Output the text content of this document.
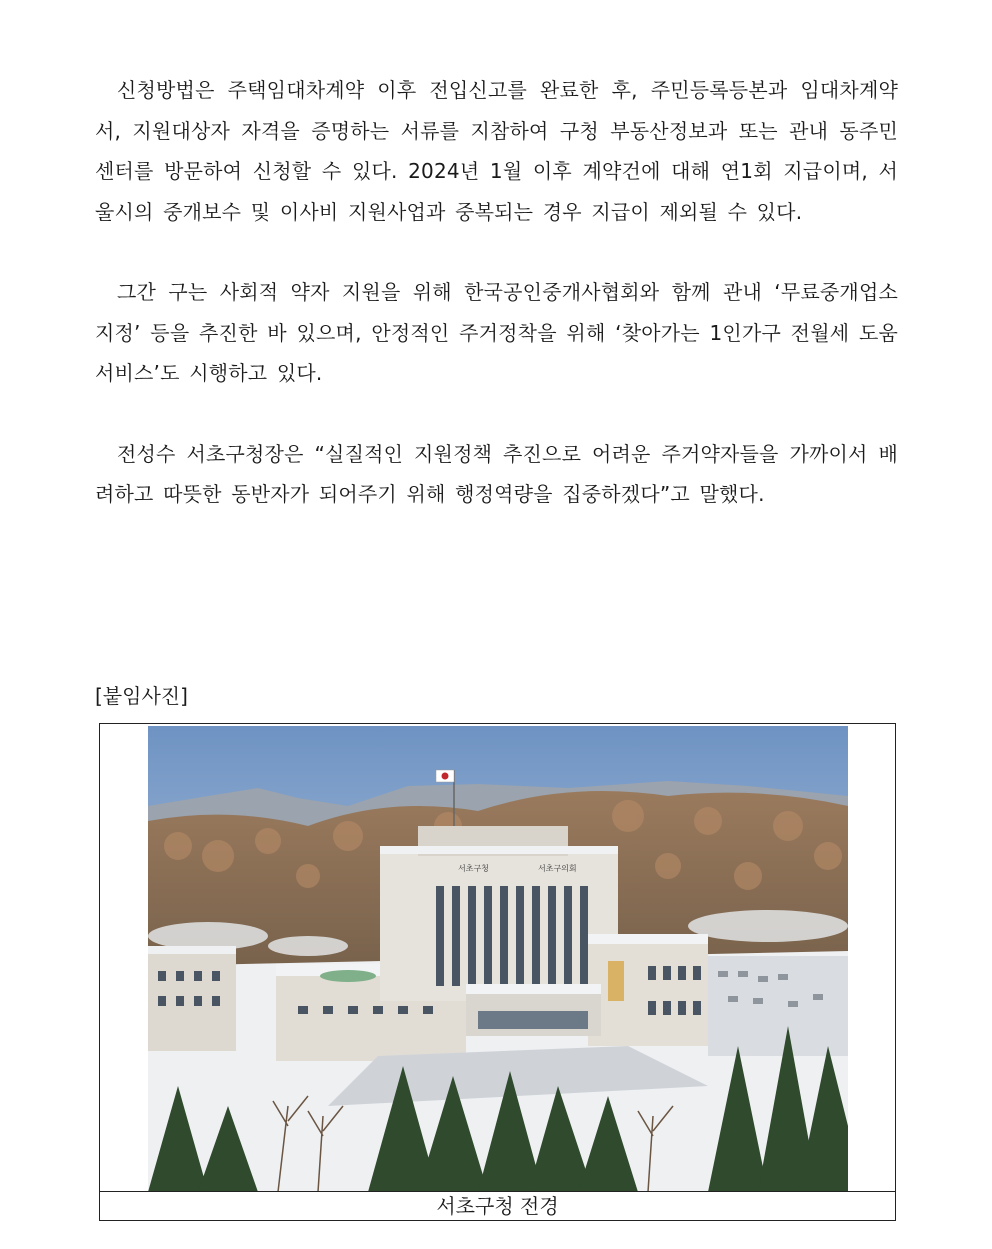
신청방법은 주택임대차계약 이후 전입신고를 완료한 후, 주민등록등본과 임대차계약서, 지원대상자 자격을 증명하는 서류를 지참하여 구청 부동산정보과 또는 관내 동주민센터를 방문하여 신청할 수 있다. 2024년 1월 이후 계약건에 대해 연1회 지급이며, 서울시의 중개보수 및 이사비 지원사업과 중복되는 경우 지급이 제외될 수 있다.

그간 구는 사회적 약자 지원을 위해 한국공인중개사협회와 함께 관내 ‘무료중개업소 지정’ 등을 추진한 바 있으며, 안정적인 주거정착을 위해 ‘찾아가는 1인가구 전월세 도움서비스’도 시행하고 있다.

전성수 서초구청장은 “실질적인 지원정책 추진으로 어려운 주거약자들을 가까이서 배려하고 따뜻한 동반자가 되어주기 위해 행정역량을 집중하겠다”고 말했다.

[붙임사진]
서초구청	서초구의회
서초구청 전경
